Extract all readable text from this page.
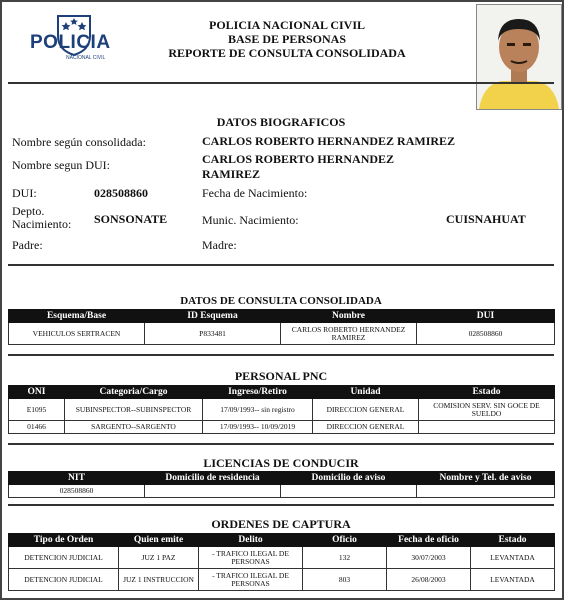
POLICIA
NACIONAL CIVIL
POLICIA NACIONAL CIVIL
BASE DE PERSONAS
REPORTE DE CONSULTA CONSOLIDADA
DATOS BIOGRAFICOS
Nombre según consolidada:	CARLOS ROBERTO HERNANDEZ RAMIREZ
Nombre segun DUI:	CARLOS ROBERTO HERNANDEZ
RAMIREZ
DUI:	028508860	Fecha de Nacimiento:
Depto.
Nacimiento: SONSONATE	Munic. Nacimiento:	CUISNAHUAT
Padre:	Madre:
DATOS DE CONSULTA CONSOLIDADA
Esquema/Base	ID Esquema	Nombre	DUI
VEHICULOS SERTRACEN	P833481	CARLOS ROBERTO HERNANDEZ RAMIREZ	028508860
PERSONAL PNC
ONI	Categoria/Cargo	Ingreso/Retiro	Unidad	Estado
E1095	SUBINSPECTOR--SUBINSPECTOR	17/09/1993-- sin registro	DIRECCION GENERAL	COMISION SERV. SIN GOCE DE SUELDO
01466	SARGENTO--SARGENTO	17/09/1993-- 10/09/2019	DIRECCION GENERAL	
LICENCIAS DE CONDUCIR
NIT	Domicilio de residencia	Domicilio de aviso	Nombre y Tel. de aviso
028508860			
ORDENES DE CAPTURA
Tipo de Orden	Quien emite	Delito	Oficio	Fecha de oficio	Estado
DETENCION JUDICIAL	JUZ 1 PAZ	- TRAFICO ILEGAL DE PERSONAS	132	30/07/2003	LEVANTADA
DETENCION JUDICIAL	JUZ 1 INSTRUCCION	- TRAFICO ILEGAL DE PERSONAS	803	26/08/2003	LEVANTADA
